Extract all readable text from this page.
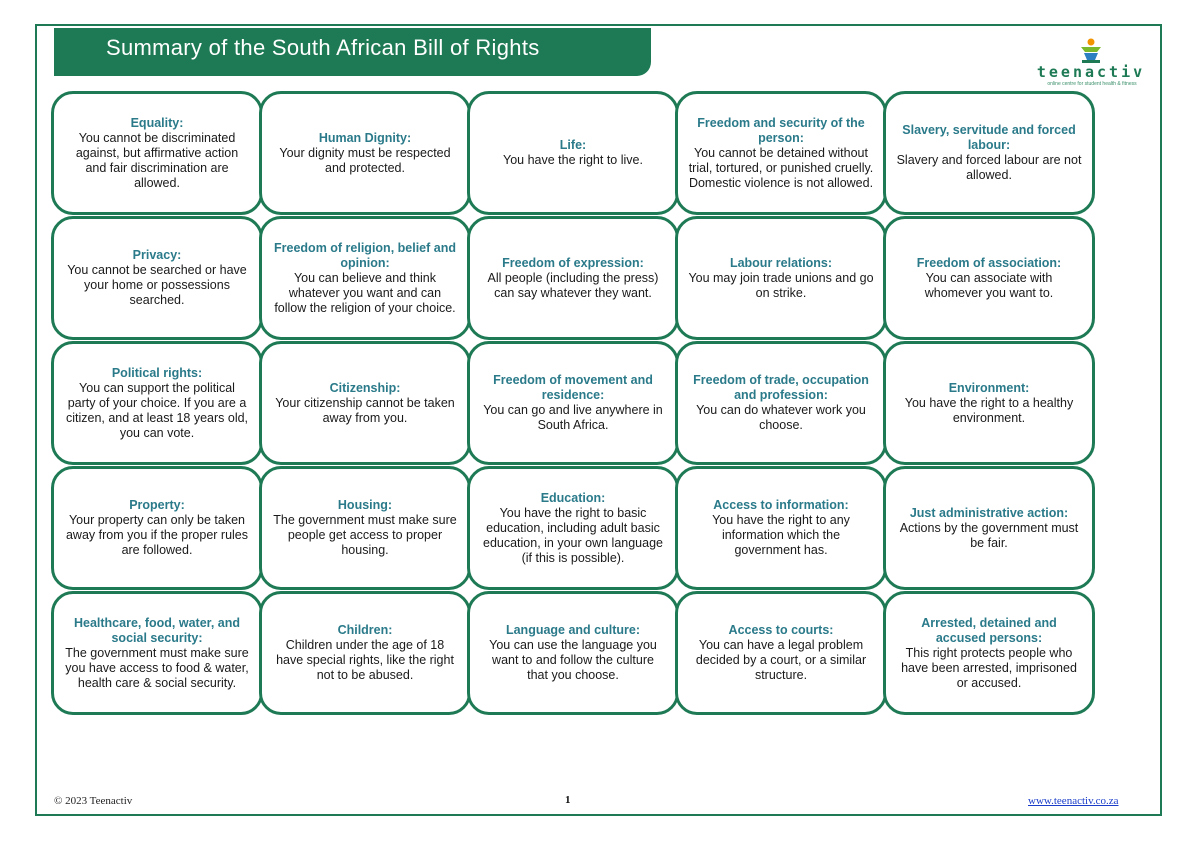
Summary of the South African Bill of Rights
teenactiv
online centre for student health & fitness
Equality:
You cannot be discriminated against, but affirmative action and fair discrimination are allowed.
Human Dignity:
Your dignity must be respected and protected.
Life:
You have the right to live.
Freedom and security of the person:
You cannot be detained without trial, tortured, or punished cruelly. Domestic violence is not allowed.
Slavery, servitude and forced labour:
Slavery and forced labour are not allowed.
Privacy:
You cannot be searched or have your home or possessions searched.
Freedom of religion, belief and opinion:
You can believe and think whatever you want and can follow the religion of your choice.
Freedom of expression:
All people (including the press) can say whatever they want.
Labour relations:
You may join trade unions and go on strike.
Freedom of association:
You can associate with whomever you want to.
Political rights:
You can support the political party of your choice. If you are a citizen, and at least 18 years old, you can vote.
Citizenship:
Your citizenship cannot be taken away from you.
Freedom of movement and residence:
You can go and live anywhere in South Africa.
Freedom of trade, occupation and profession:
You can do whatever work you choose.
Environment:
You have the right to a healthy environment.
Property:
Your property can only be taken away from you if the proper rules are followed.
Housing:
The government must make sure people get access to proper housing.
Education:
You have the right to basic education, including adult basic education, in your own language (if this is possible).
Access to information:
You have the right to any information which the government has.
Just administrative action:
Actions by the government must be fair.
Healthcare, food, water, and social security:
The government must make sure you have access to food & water, health care & social security.
Children:
Children under the age of 18 have special rights, like the right not to be abused.
Language and culture:
You can use the language you want to and follow the culture that you choose.
Access to courts:
You can have a legal problem decided by a court, or a similar structure.
Arrested, detained and accused persons:
This right protects people who have been arrested, imprisoned or accused.
© 2023 Teenactiv	1	www.teenactiv.co.za
